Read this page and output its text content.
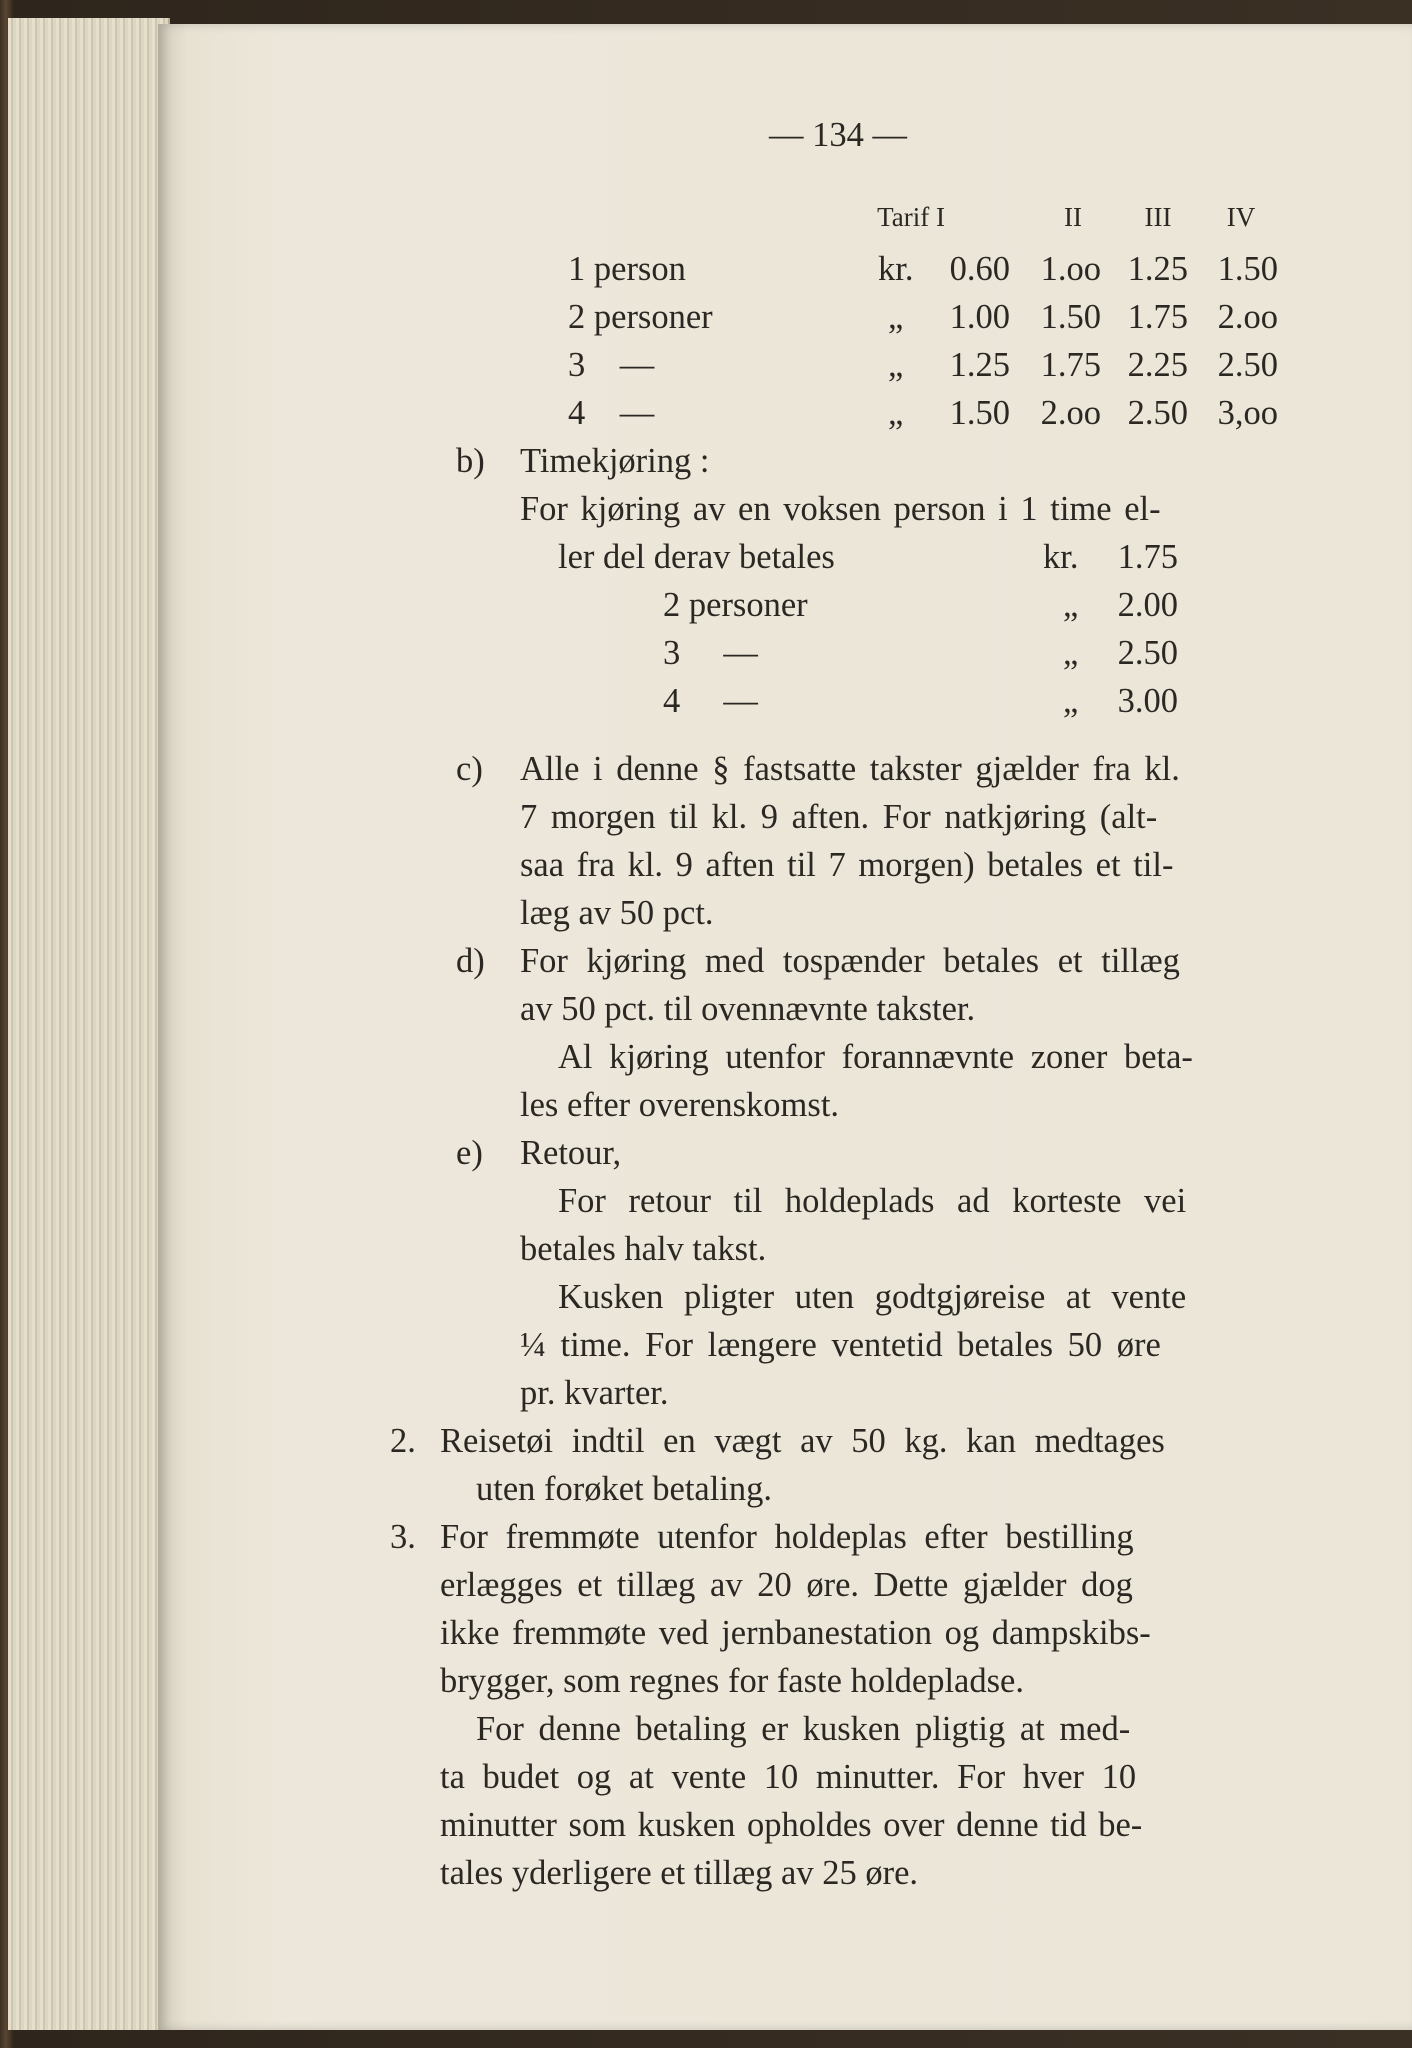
— 134 —
Tarif I	II	III	IV
1 person	kr.	0.60 1.oo 1.25 1.50
2 personer	„	1.00 1.50 1.75 2.oo
3    —	„	1.25 1.75 2.25 2.50
4    —	„	1.50 2.oo 2.50 3,oo
b) Timekjøring :
For kjøring av en voksen person i 1 time el-
ler del derav betales	kr.	1.75
2 personer	„	2.00
3     —	„	2.50
4     —	„	3.00
c) Alle i denne § fastsatte takster gjælder fra kl.
7 morgen til kl. 9 aften. For natkjøring (alt-
saa fra kl. 9 aften til 7 morgen) betales et til-
læg av 50 pct.
d) For kjøring med tospænder betales et tillæg
av 50 pct. til ovennævnte takster.
Al kjøring utenfor forannævnte zoner beta-
les efter overenskomst.
e) Retour,
For retour til holdeplads ad korteste vei
betales halv takst.
Kusken pligter uten godtgjøreise at vente
¼ time. For længere ventetid betales 50 øre
pr. kvarter.
2. Reisetøi indtil en vægt av 50 kg. kan medtages
uten forøket betaling.
3. For fremmøte utenfor holdeplas efter bestilling
erlægges et tillæg av 20 øre. Dette gjælder dog
ikke fremmøte ved jernbanestation og dampskibs-
brygger, som regnes for faste holdepladse.
For denne betaling er kusken pligtig at med-
ta budet og at vente 10 minutter. For hver 10
minutter som kusken opholdes over denne tid be-
tales yderligere et tillæg av 25 øre.
